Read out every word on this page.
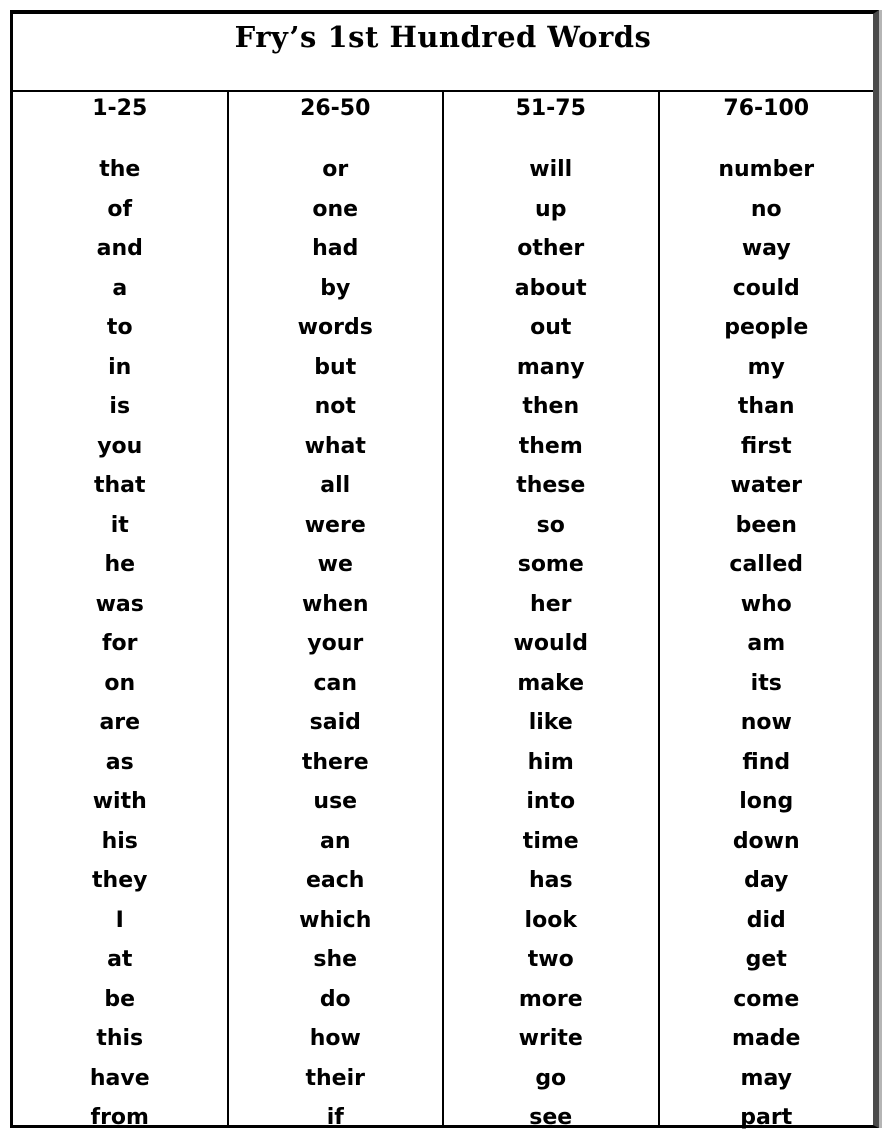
Fry’s 1st Hundred Words
1-25
the
of
and
a
to
in
is
you
that
it
he
was
for
on
are
as
with
his
they
I
at
be
this
have
from
26-50
or
one
had
by
words
but
not
what
all
were
we
when
your
can
said
there
use
an
each
which
she
do
how
their
if
51-75
will
up
other
about
out
many
then
them
these
so
some
her
would
make
like
him
into
time
has
look
two
more
write
go
see
76-100
number
no
way
could
people
my
than
first
water
been
called
who
am
its
now
find
long
down
day
did
get
come
made
may
part
